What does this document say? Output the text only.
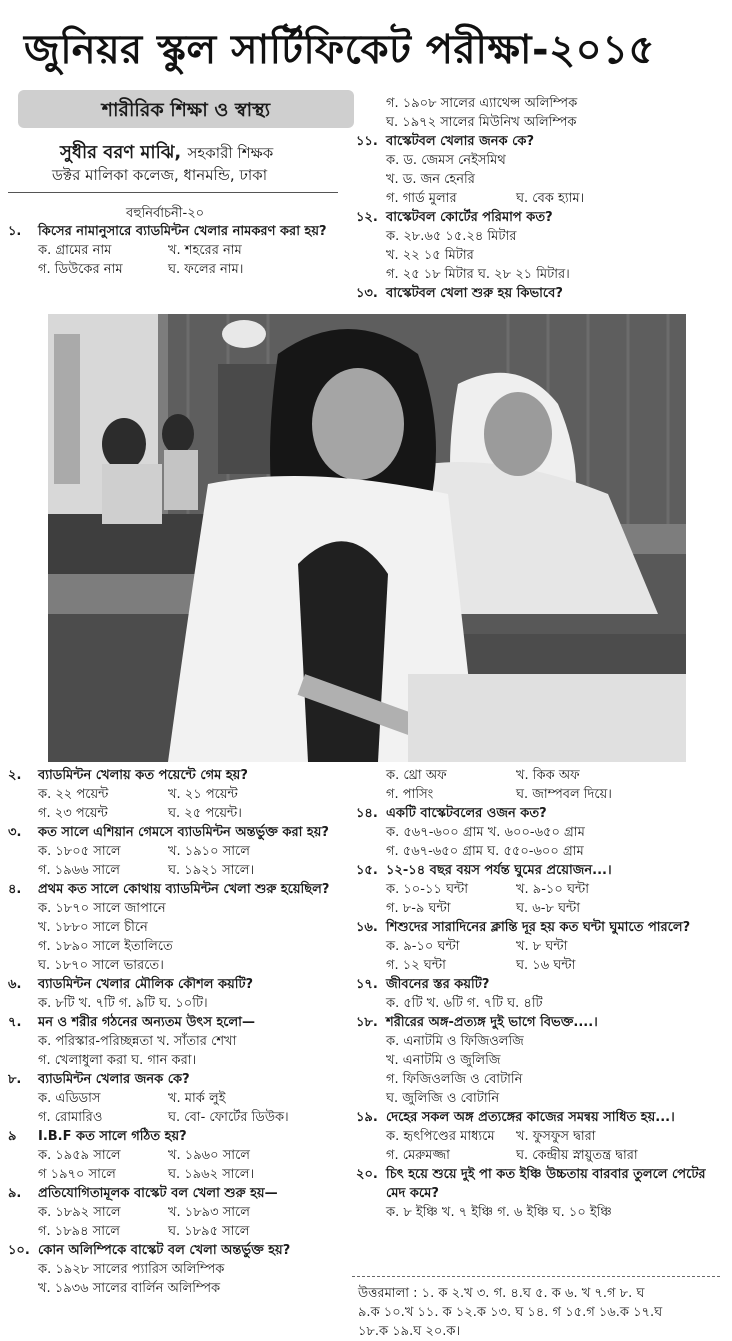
জুনিয়র স্কুল সার্টিফিকেট পরীক্ষা-২০১৫
শারীরিক শিক্ষা ও স্বাস্থ্য
সুধীর বরণ মাঝি, সহকারী শিক্ষক
ডক্টর মালিকা কলেজ, ধানমন্ডি, ঢাকা
বহুনির্বাচনী-২০
১.	কিসের নামানুসারে ব্যাডমিন্টন খেলার নামকরণ করা হয়?
ক. গ্রামের নাম	খ. শহরের নাম
গ. ডিউকের নাম	ঘ. ফলের নাম।
গ. ১৯০৮ সালের এ্যাথেন্স অলিম্পিক
ঘ. ১৯৭২ সালের মিউনিখ অলিম্পিক
১১. বাস্কেটবল খেলার জনক কে?
ক. ড. জেমস নেইসমিথ
খ. ড. জন হেনরি
গ. গার্ড মুলার	ঘ. বেক হ্যাম।
১২. বাস্কেটবল কোর্টের পরিমাপ কত?
ক. ২৮.৬৫ ১৫.২৪ মিটার
খ. ২২ ১৫ মিটার
গ. ২৫ ১৮ মিটার ঘ. ২৮ ২১ মিটার।
১৩. বাস্কেটবল খেলা শুরু হয় কিভাবে?
২.	ব্যাডমিন্টন খেলায় কত পয়েন্টে গেম হয়?
ক. ২২ পয়েন্ট	খ. ২১ পয়েন্ট
গ. ২৩ পয়েন্ট	ঘ. ২৫ পয়েন্ট।
৩.	কত সালে এশিয়ান গেমসে ব্যাডমিন্টন অন্তর্ভুক্ত করা হয়?
ক. ১৮০৫ সালে	খ. ১৯১০ সালে
গ. ১৯৬৬ সালে	ঘ. ১৯২১ সালে।
৪.	প্রথম কত সালে কোথায় ব্যাডমিন্টন খেলা শুরু হয়েছিল?
ক. ১৮৭০ সালে জাপানে
খ. ১৮৮০ সালে চীনে
গ. ১৮৯০ সালে ইতালিতে
ঘ. ১৮৭০ সালে ভারতে।
৬.	ব্যাডমিন্টন খেলার মৌলিক কৌশল কয়টি?
ক. ৮টি খ. ৭টি গ. ৯টি ঘ. ১০টি।
৭.	মন ও শরীর গঠনের অন্যতম উৎস হলো—
ক. পরিস্কার-পরিচ্ছন্নতা খ. সাঁতার শেখা
গ. খেলাধুলা করা ঘ. গান করা।
৮.	ব্যাডমিন্টন খেলার জনক কে?
ক. এডিডাস	খ. মার্ক লুই
গ. রোমারিও	ঘ. বো- ফোর্টের ডিউক।
৯	I.B.F কত সালে গঠিত হয়?
ক. ১৯৫৯ সালে	খ. ১৯৬০ সালে
গ ১৯৭০ সালে	ঘ. ১৯৬২ সালে।
৯.	প্রতিযোগিতামূলক বাস্কেট বল খেলা শুরু হয়—
ক. ১৮৯২ সালে	খ. ১৮৯৩ সালে
গ. ১৮৯৪ সালে	ঘ. ১৮৯৫ সালে
১০. কোন অলিম্পিকে বাস্কেট বল খেলা অন্তর্ভুক্ত হয়?
ক. ১৯২৮ সালের প্যারিস অলিম্পিক
খ. ১৯৩৬ সালের বার্লিন অলিম্পিক
ক. থ্রো অফ	খ. কিক অফ
গ. পাসিং	ঘ. জাম্পবল দিয়ে।
১৪. একটি বাস্কেটবলের ওজন কত?
ক. ৫৬৭-৬০০ গ্রাম খ. ৬০০-৬৫০ গ্রাম
গ. ৫৬৭-৬৫০ গ্রাম ঘ. ৫৫০-৬০০ গ্রাম
১৫. ১২-১৪ বছর বয়স পর্যন্ত ঘুমের প্রয়োজন...।
ক. ১০-১১ ঘন্টা	খ. ৯-১০ ঘন্টা
গ. ৮-৯ ঘন্টা	ঘ. ৬-৮ ঘন্টা
১৬. শিশুদের সারাদিনের ক্লান্তি দূর হয় কত ঘন্টা ঘুমাতে পারলে?
ক. ৯-১০ ঘন্টা	খ. ৮ ঘন্টা
গ. ১২ ঘন্টা	ঘ. ১৬ ঘন্টা
১৭. জীবনের স্তর কয়টি?
ক. ৫টি খ. ৬টি গ. ৭টি ঘ. ৪টি
১৮. শরীরের অঙ্গ-প্রত্যঙ্গ দুই ভাগে বিভক্ত....।
ক. এনাটমি ও ফিজিওলজি
খ. এনাটমি ও জুলিজি
গ. ফিজিওলজি ও বোটানি
ঘ. জুলিজি ও বোটানি
১৯. দেহের সকল অঙ্গ প্রত্যঙ্গের কাজের সমন্বয় সাধিত হয়...।
ক. হৃৎপিণ্ডের মাধ্যমে খ. ফুসফুস দ্বারা
গ. মেরুমজ্জা	ঘ. কেন্দ্রীয় স্নায়ুতন্ত্র দ্বারা
২০. চিৎ হয়ে শুয়ে দুই পা কত ইঞ্চি উচ্চতায় বারবার তুললে পেটের মেদ কমে?
ক. ৮ ইঞ্চি খ. ৭ ইঞ্চি গ. ৬ ইঞ্চি ঘ. ১০ ইঞ্চি
উত্তরমালা : ১. ক ২.খ ৩. গ. ৪.ঘ ৫. ক ৬. খ ৭.গ ৮. ঘ
৯.ক ১০.খ ১১. ক ১২.ক ১৩. ঘ ১৪. গ ১৫.গ ১৬.ক ১৭.ঘ
১৮.ক ১৯.ঘ ২০.ক।
